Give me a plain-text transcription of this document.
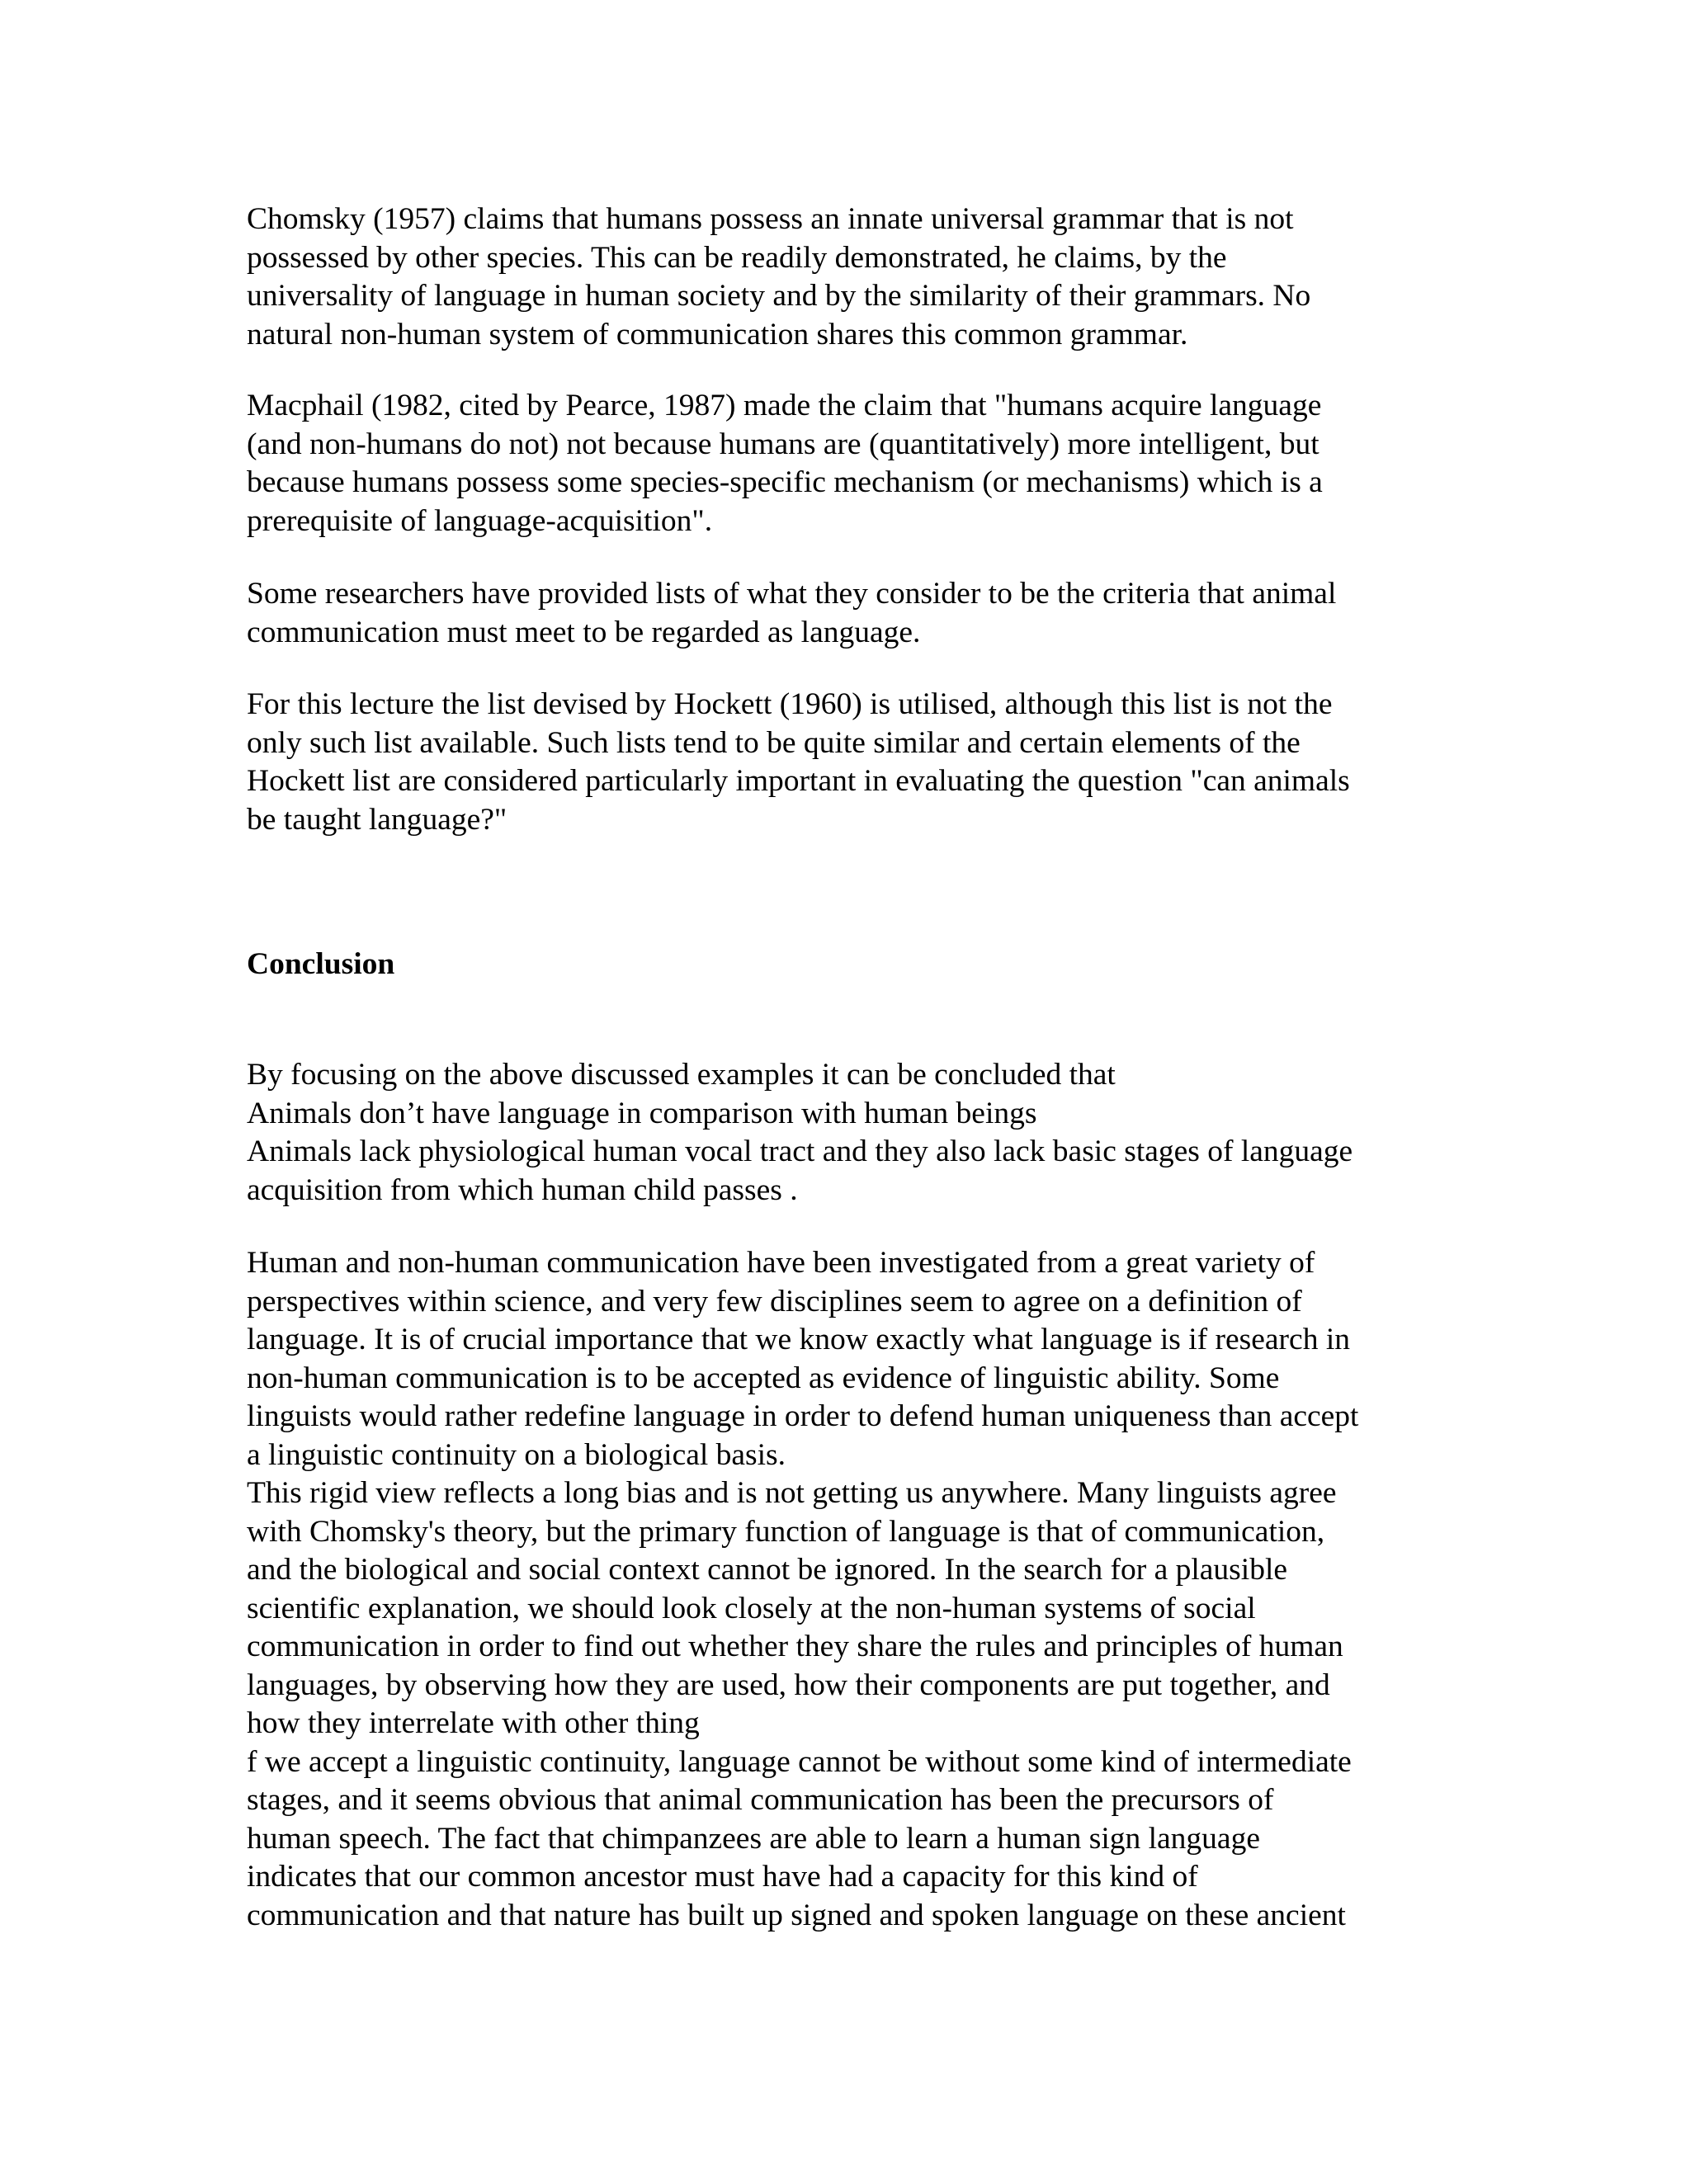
Chomsky (1957) claims that humans possess an innate universal grammar that is not
possessed by other species. This can be readily demonstrated, he claims, by the
universality of language in human society and by the similarity of their grammars. No
natural non-human system of communication shares this common grammar.
Macphail (1982, cited by Pearce, 1987) made the claim that "humans acquire language
(and non-humans do not) not because humans are (quantitatively) more intelligent, but
because humans possess some species-specific mechanism (or mechanisms) which is a
prerequisite of language-acquisition".
Some researchers have provided lists of what they consider to be the criteria that animal
communication must meet to be regarded as language.
For this lecture the list devised by Hockett (1960) is utilised, although this list is not the
only such list available. Such lists tend to be quite similar and certain elements of the
Hockett list are considered particularly important in evaluating the question "can animals
be taught language?"
Conclusion
By focusing on the above discussed examples it can be concluded that
Animals don’t have language in comparison with human beings
Animals lack physiological human vocal tract and they also lack basic stages of language
acquisition from which human child passes .
Human and non-human communication have been investigated from a great variety of
perspectives within science, and very few disciplines seem to agree on a definition of
language. It is of crucial importance that we know exactly what language is if research in
non-human communication is to be accepted as evidence of linguistic ability. Some
linguists would rather redefine language in order to defend human uniqueness than accept
a linguistic continuity on a biological basis.
This rigid view reflects a long bias and is not getting us anywhere. Many linguists agree
with Chomsky's theory, but the primary function of language is that of communication,
and the biological and social context cannot be ignored. In the search for a plausible
scientific explanation, we should look closely at the non-human systems of social
communication in order to find out whether they share the rules and principles of human
languages, by observing how they are used, how their components are put together, and
how they interrelate with other thing
f we accept a linguistic continuity, language cannot be without some kind of intermediate
stages, and it seems obvious that animal communication has been the precursors of
human speech. The fact that chimpanzees are able to learn a human sign language
indicates that our common ancestor must have had a capacity for this kind of
communication and that nature has built up signed and spoken language on these ancient
